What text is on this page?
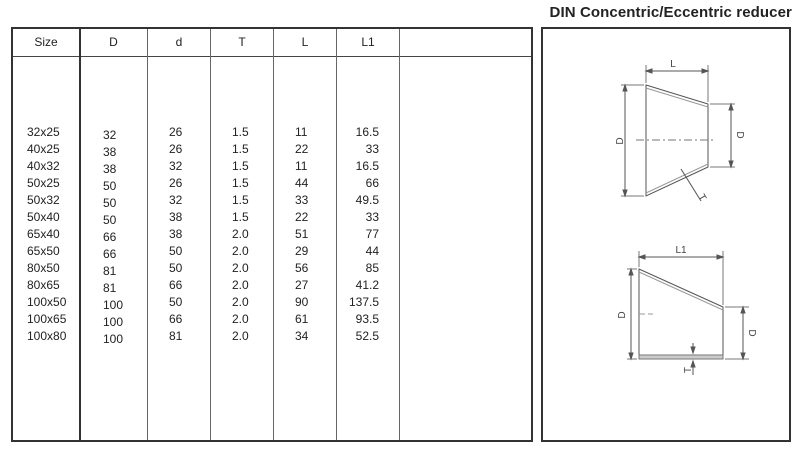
DIN Concentric/Eccentric reducer
Size	D	d	T	L	L1
32x25	32	26	1.5	11	16.5
40x25	38	26	1.5	22	33
40x32	38	32	1.5	11	16.5
50x25	50	26	1.5	44	66
50x32	50	32	1.5	33	49.5
50x40	50	38	1.5	22	33
65x40	66	38	2.0	51	77
65x50	66	50	2.0	29	44
80x50	81	50	2.0	56	85
80x65	81	66	2.0	27	41.2
100x50	100	50	2.0	90	137.5
100x65	100	66	2.0	61	93.5
100x80	100	81	2.0	34	52.5
L
D
D
T
L1
D
D
T
